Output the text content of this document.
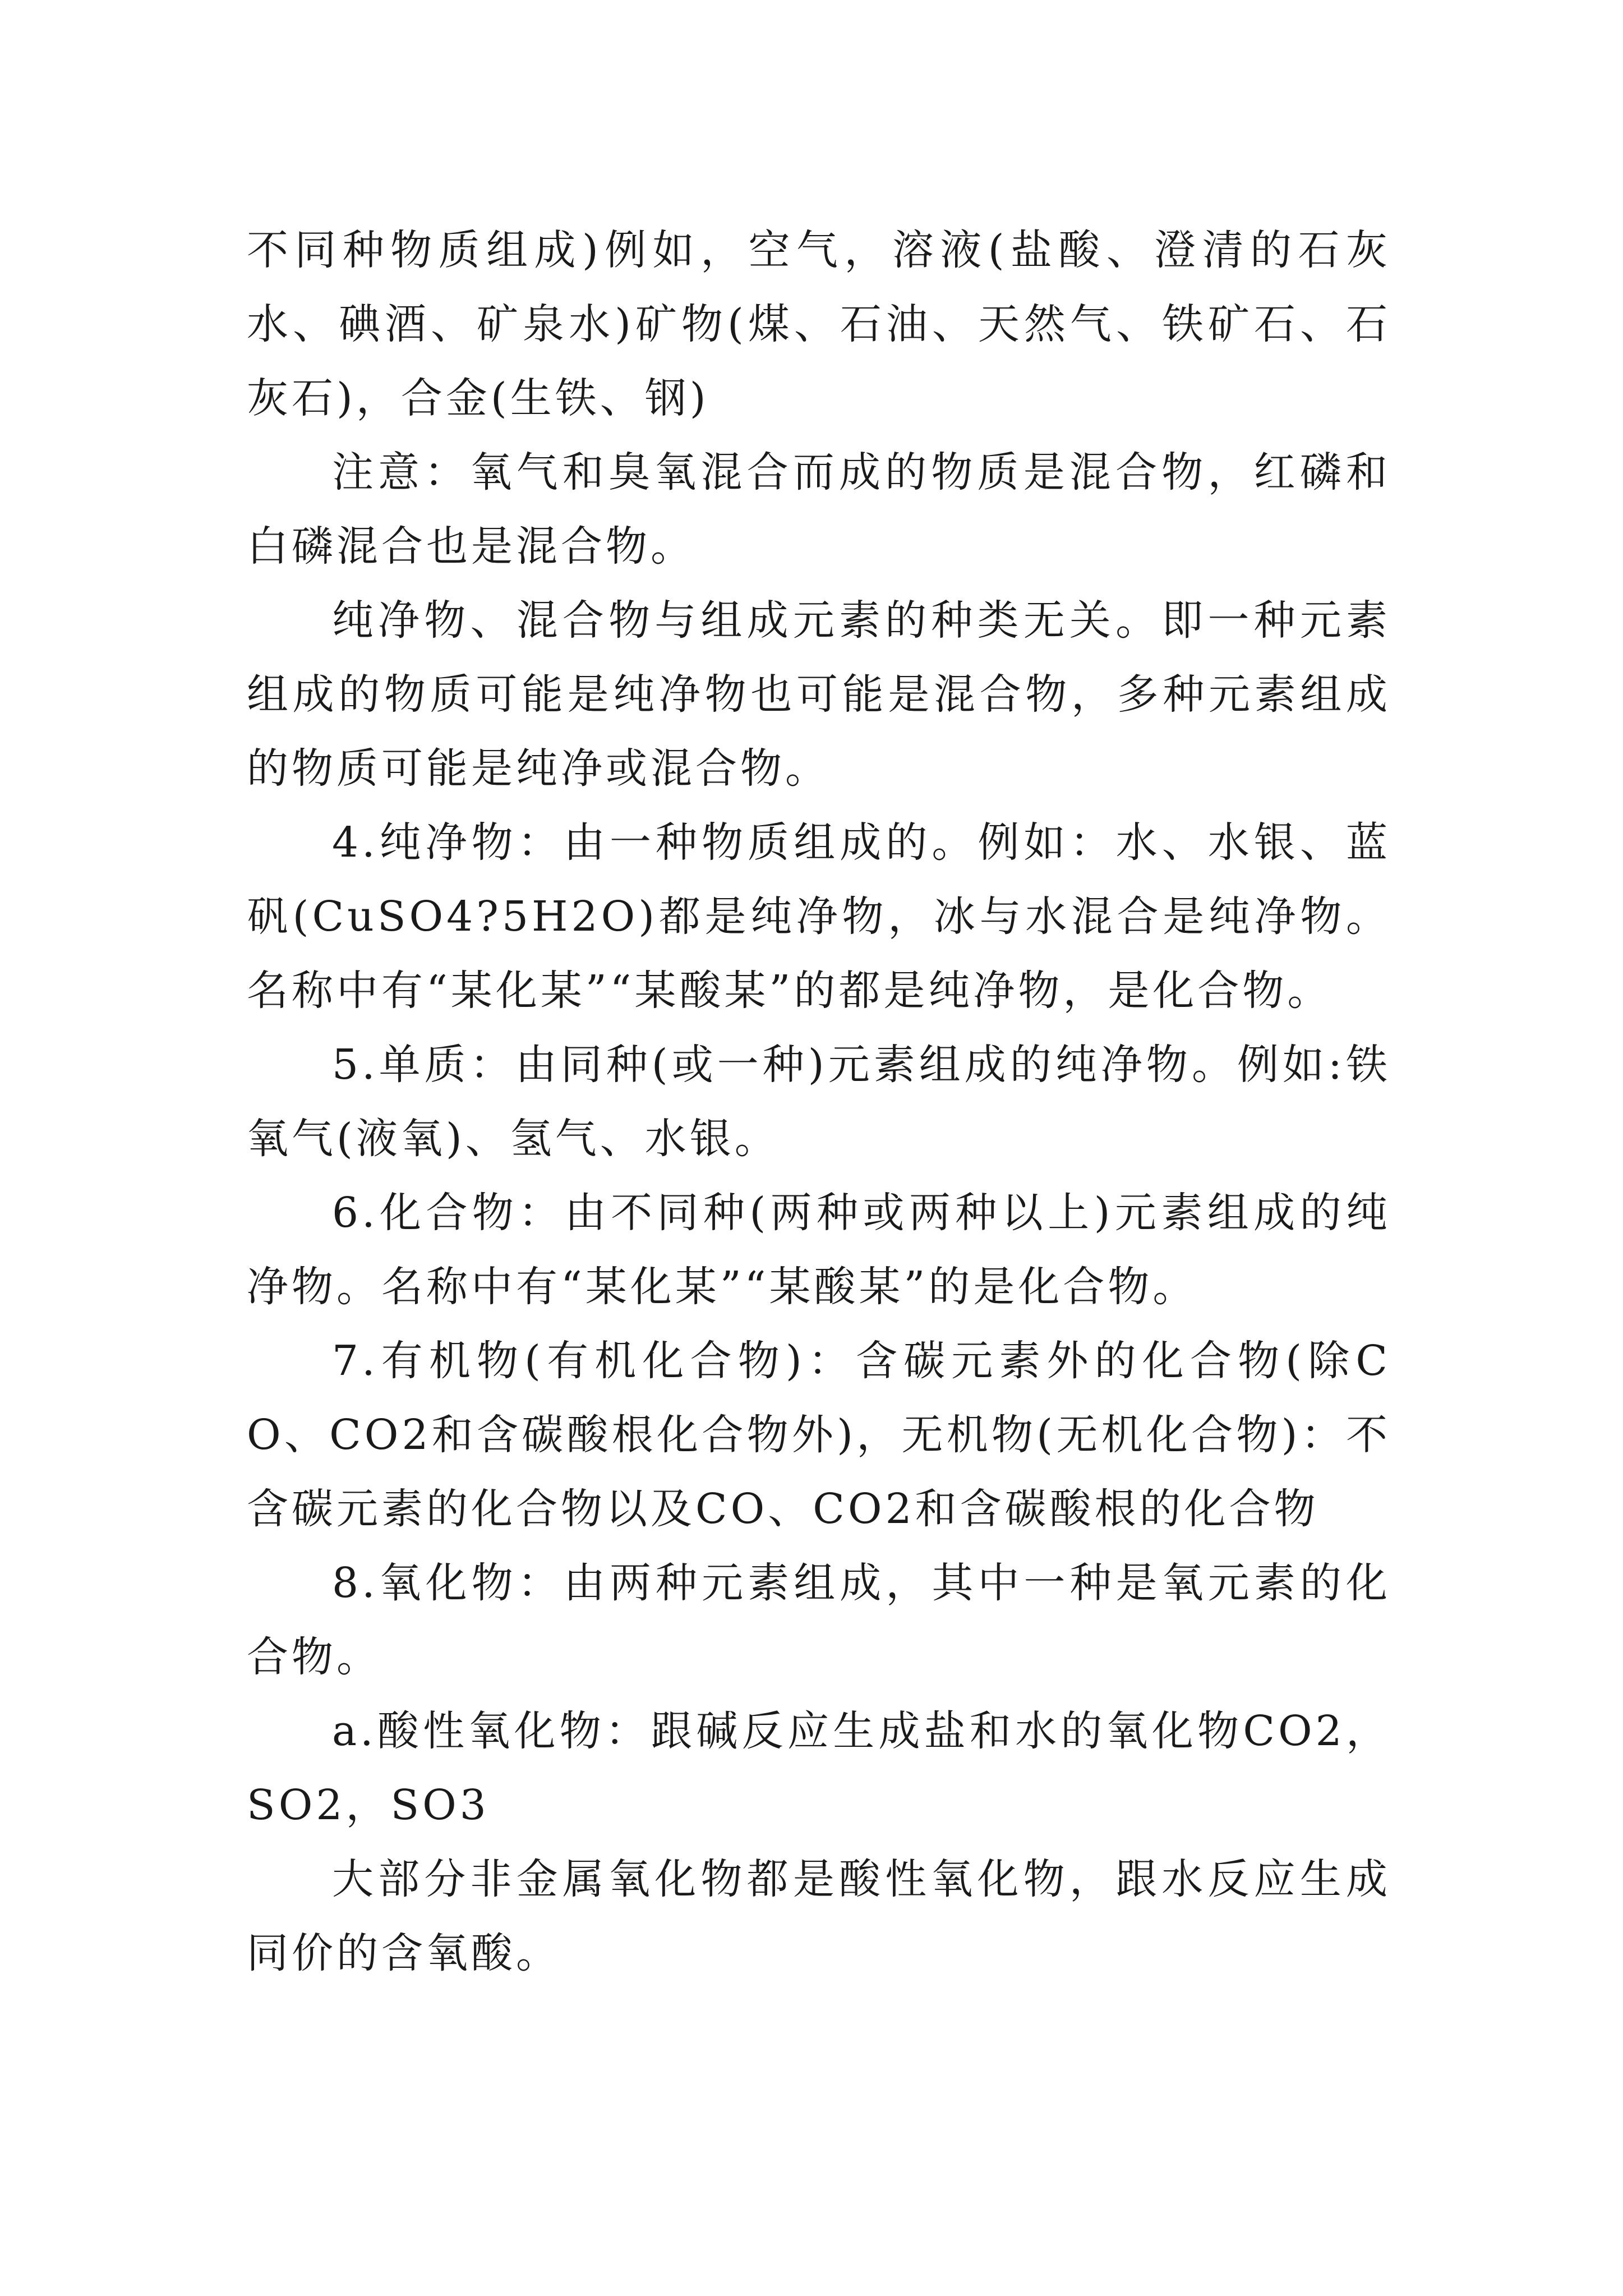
不同种物质组成)例如，空气，溶液(盐酸、澄清的石灰水、碘酒、矿泉水)矿物(煤、石油、天然气、铁矿石、石灰石)，合金(生铁、钢)

注意：氧气和臭氧混合而成的物质是混合物，红磷和白磷混合也是混合物。

纯净物、混合物与组成元素的种类无关。即一种元素组成的物质可能是纯净物也可能是混合物，多种元素组成的物质可能是纯净或混合物。

4.纯净物：由一种物质组成的。例如：水、水银、蓝矾(CuSO4?5H2O)都是纯净物，冰与水混合是纯净物。名称中有“某化某”“某酸某”的都是纯净物，是化合物。

5.单质：由同种(或一种)元素组成的纯净物。例如:铁氧气(液氧)、氢气、水银。

6.化合物：由不同种(两种或两种以上)元素组成的纯净物。名称中有“某化某”“某酸某”的是化合物。

7.有机物(有机化合物)：含碳元素外的化合物(除CO、CO2和含碳酸根化合物外)，无机物(无机化合物)：不含碳元素的化合物以及CO、CO2和含碳酸根的化合物

8.氧化物：由两种元素组成，其中一种是氧元素的化合物。

a.酸性氧化物：跟碱反应生成盐和水的氧化物CO2，SO2，SO3

大部分非金属氧化物都是酸性氧化物，跟水反应生成同价的含氧酸。
